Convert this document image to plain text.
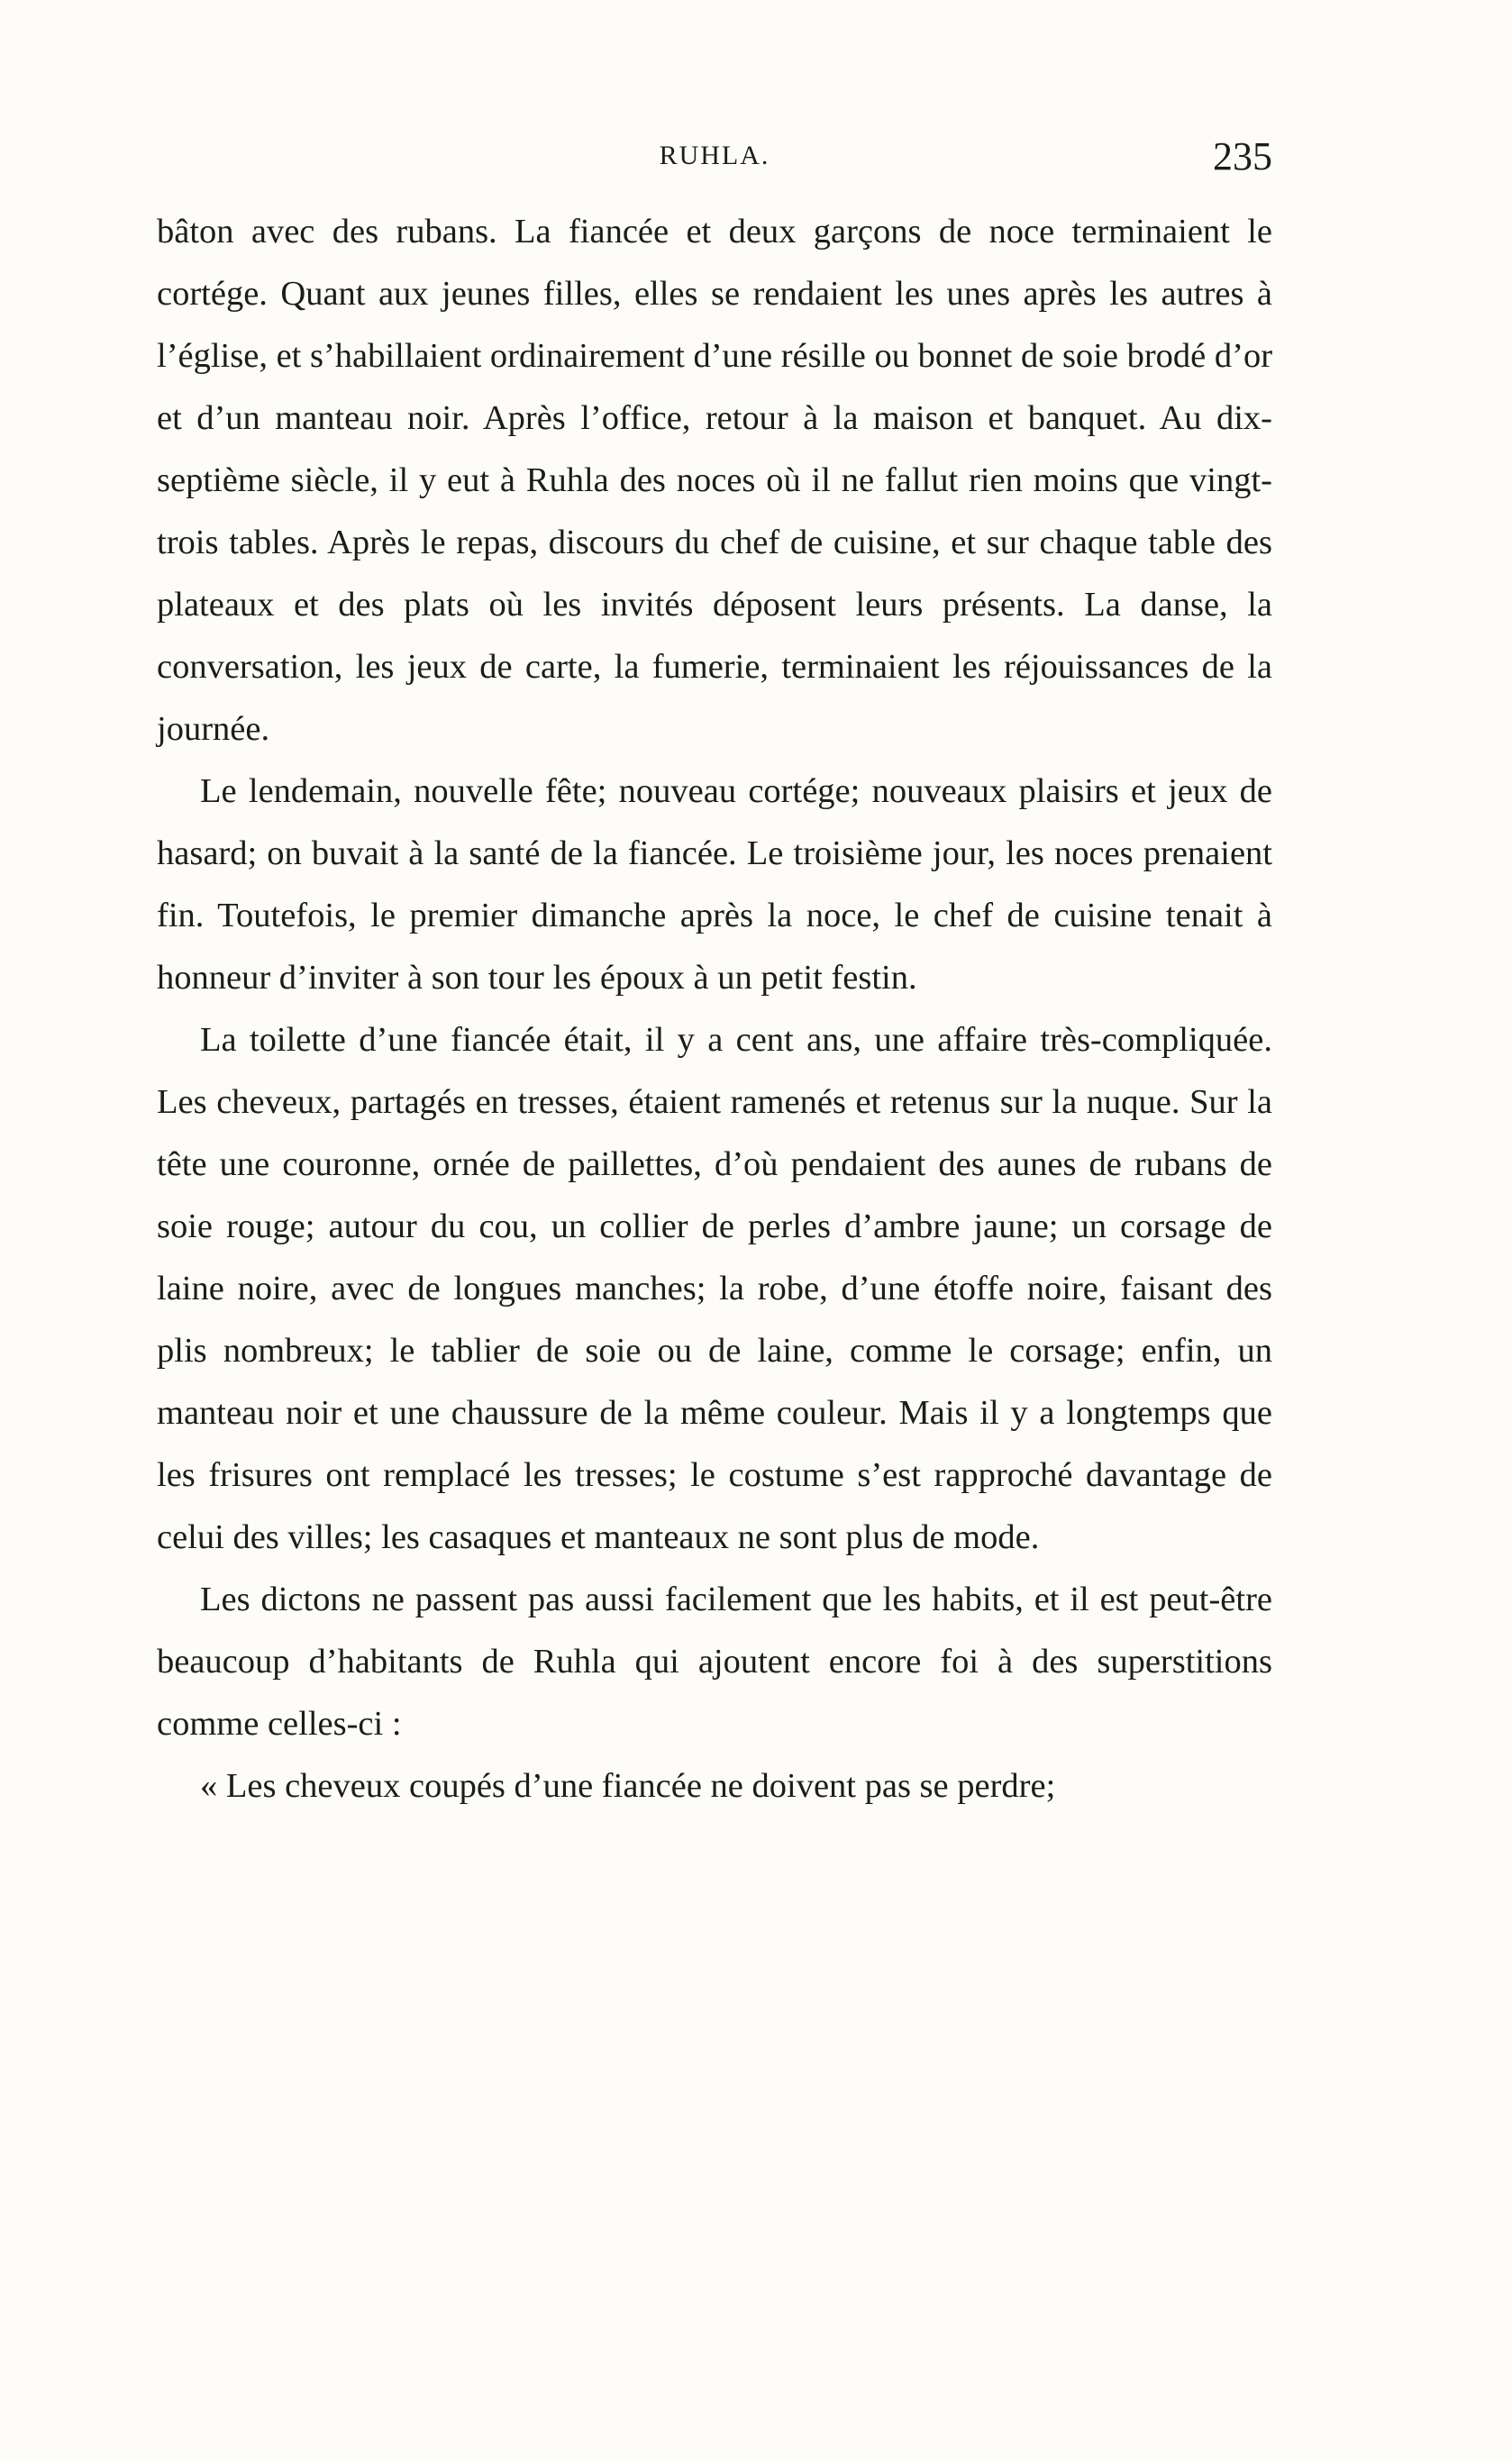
RUHLA.	235

bâton avec des rubans. La fiancée et deux garçons de noce terminaient le cortége. Quant aux jeunes filles, elles se rendaient les unes après les autres à l’église, et s’habillaient ordinairement d’une résille ou bonnet de soie brodé d’or et d’un manteau noir. Après l’office, retour à la maison et banquet. Au dix-septième siècle, il y eut à Ruhla des noces où il ne fallut rien moins que vingt-trois tables. Après le repas, discours du chef de cuisine, et sur chaque table des plateaux et des plats où les invités déposent leurs présents. La danse, la conversation, les jeux de carte, la fumerie, terminaient les réjouissances de la journée.

Le lendemain, nouvelle fête; nouveau cortége; nouveaux plaisirs et jeux de hasard; on buvait à la santé de la fiancée. Le troisième jour, les noces prenaient fin. Toutefois, le premier dimanche après la noce, le chef de cuisine tenait à honneur d’inviter à son tour les époux à un petit festin.

La toilette d’une fiancée était, il y a cent ans, une affaire très-compliquée. Les cheveux, partagés en tresses, étaient ramenés et retenus sur la nuque. Sur la tête une couronne, ornée de paillettes, d’où pendaient des aunes de rubans de soie rouge; autour du cou, un collier de perles d’ambre jaune; un corsage de laine noire, avec de longues manches; la robe, d’une étoffe noire, faisant des plis nombreux; le tablier de soie ou de laine, comme le corsage; enfin, un manteau noir et une chaussure de la même couleur. Mais il y a longtemps que les frisures ont remplacé les tresses; le costume s’est rapproché davantage de celui des villes; les casaques et manteaux ne sont plus de mode.

Les dictons ne passent pas aussi facilement que les habits, et il est peut-être beaucoup d’habitants de Ruhla qui ajoutent encore foi à des superstitions comme celles-ci :

« Les cheveux coupés d’une fiancée ne doivent pas se perdre;
